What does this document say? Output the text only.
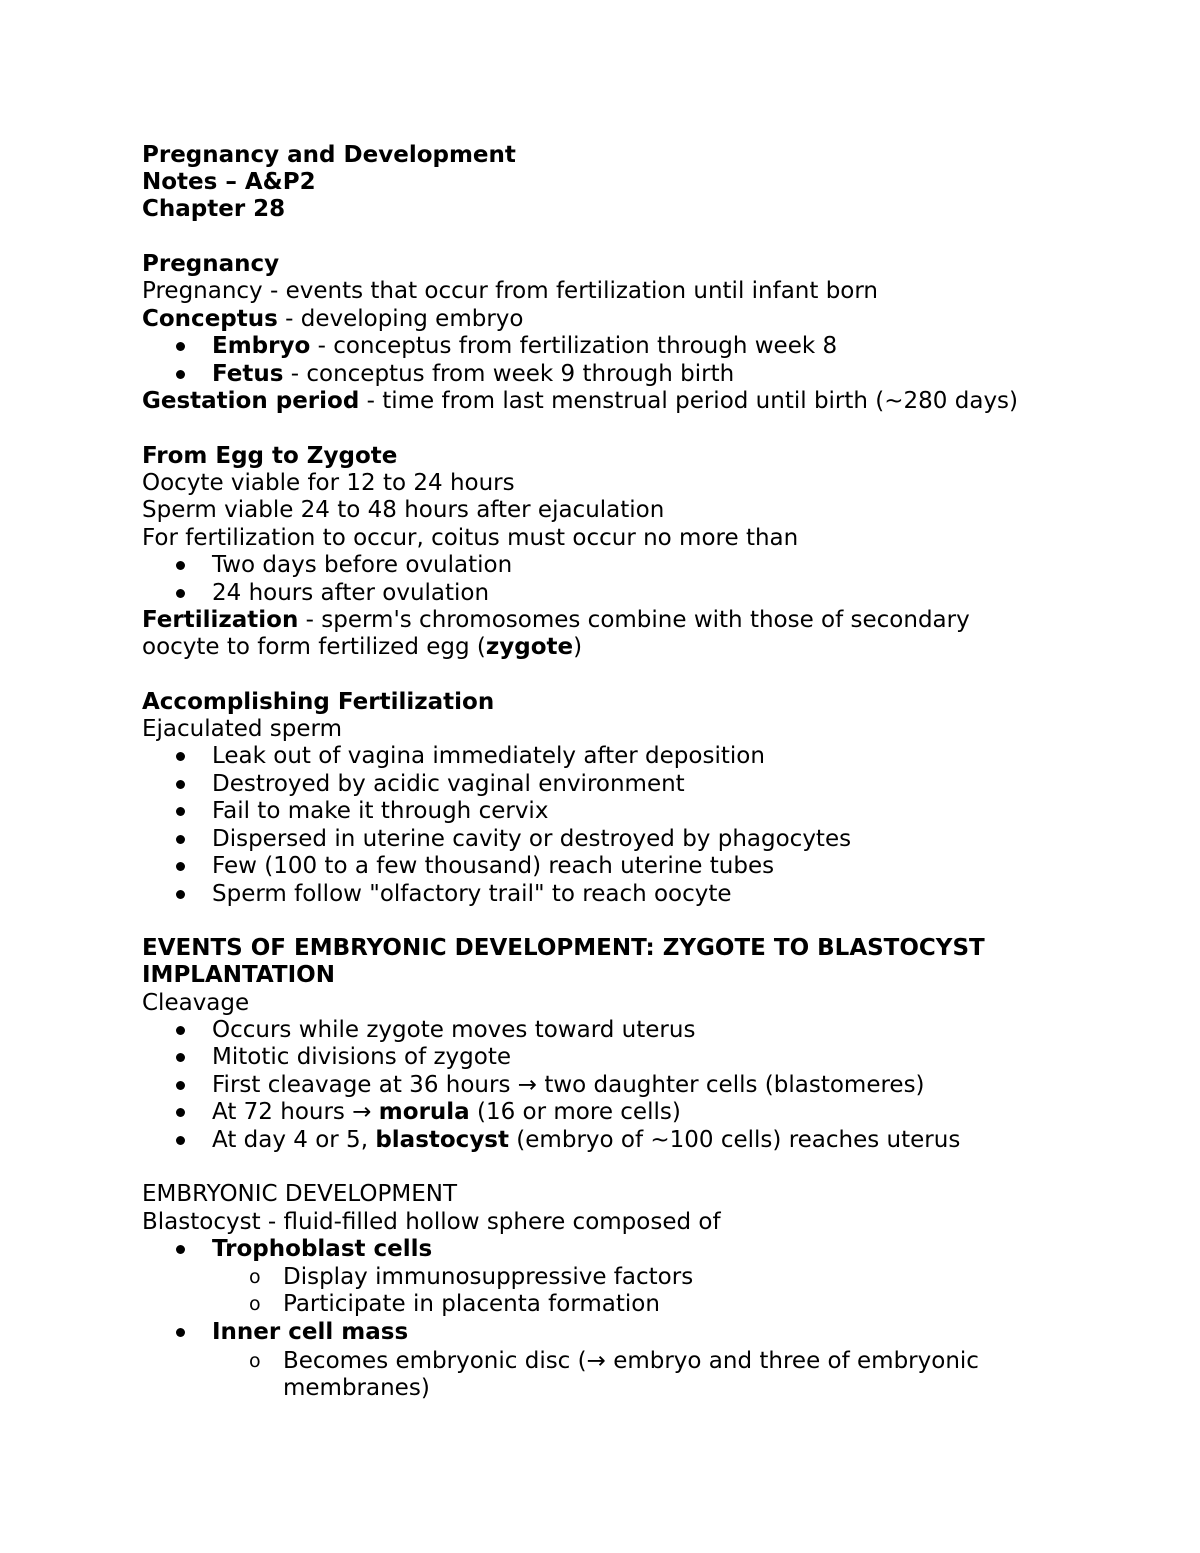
Pregnancy and Development
Notes – A&P2
Chapter 28
Pregnancy
Pregnancy - events that occur from fertilization until infant born
Conceptus - developing embryo
Embryo - conceptus from fertilization through week 8
Fetus - conceptus from week 9 through birth
Gestation period - time from last menstrual period until birth (~280 days)
From Egg to Zygote
Oocyte viable for 12 to 24 hours
Sperm viable 24 to 48 hours after ejaculation
For fertilization to occur, coitus must occur no more than
Two days before ovulation
24 hours after ovulation
Fertilization - sperm's chromosomes combine with those of secondary
oocyte to form fertilized egg (zygote)
Accomplishing Fertilization
Ejaculated sperm
Leak out of vagina immediately after deposition
Destroyed by acidic vaginal environment
Fail to make it through cervix
Dispersed in uterine cavity or destroyed by phagocytes
Few (100 to a few thousand) reach uterine tubes
Sperm follow "olfactory trail" to reach oocyte
EVENTS OF EMBRYONIC DEVELOPMENT: ZYGOTE TO BLASTOCYST
IMPLANTATION
Cleavage
Occurs while zygote moves toward uterus
Mitotic divisions of zygote
First cleavage at 36 hours → two daughter cells (blastomeres)
At 72 hours → morula (16 or more cells)
At day 4 or 5, blastocyst (embryo of ~100 cells) reaches uterus
EMBRYONIC DEVELOPMENT
Blastocyst - fluid-filled hollow sphere composed of
Trophoblast cells
o Display immunosuppressive factors
o Participate in placenta formation
Inner cell mass
o Becomes embryonic disc (→ embryo and three of embryonic
membranes)
